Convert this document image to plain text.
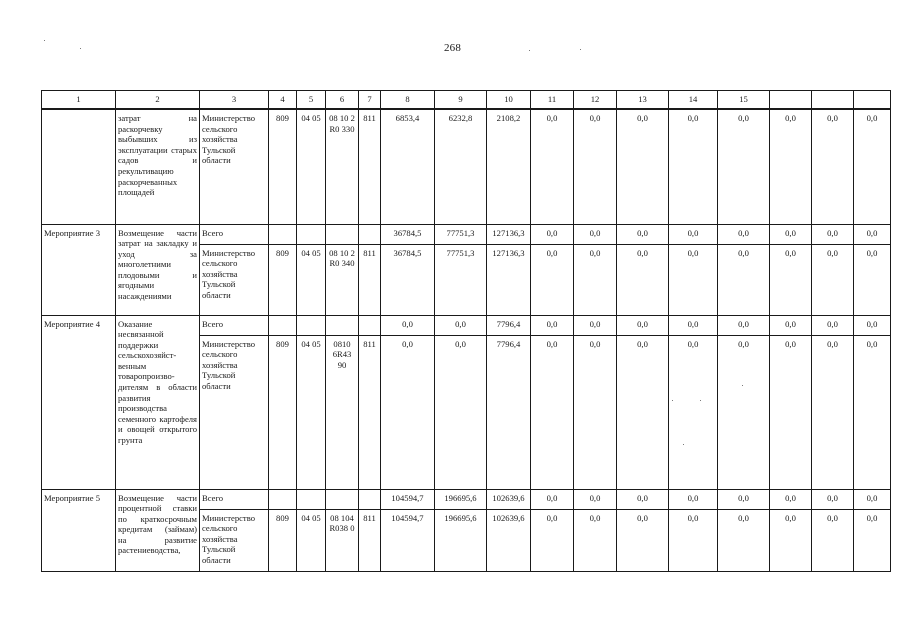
268
1	2	3	4	5	6	7	8	9	10	11	12	13	14	15			
	затрат на раскорчевку выбывших из эксплуатации старых садов и рекультивацию раскорчеванных площадей	Министерство сельского хозяйства Тульской области	809	04 05	08 10 2 R0 330	811	6853,4	6232,8	2108,2	0,0	0,0	0,0	0,0	0,0	0,0	0,0	0,0
Мероприятие 3	Возмещение части затрат на закладку и уход за многолетними плодовыми и ягодными насаждениями	Всего					36784,5	77751,3	127136,3	0,0	0,0	0,0	0,0	0,0	0,0	0,0	0,0
		Министерство сельского хозяйства Тульской области	809	04 05	08 10 2 R0 340	811	36784,5	77751,3	127136,3	0,0	0,0	0,0	0,0	0,0	0,0	0,0	0,0
Мероприятие 4	Оказание несвязанной поддержки сельскохозяйст-венным товаропроизво-дителям в области развития производства семенного картофеля и овощей открытого грунта	Всего					0,0	0,0	7796,4	0,0	0,0	0,0	0,0	0,0	0,0	0,0	0,0
		Министерство сельского хозяйства Тульской области	809	04 05	0810 6R43 90	811	0,0	0,0	7796,4	0,0	0,0	0,0	0,0	0,0	0,0	0,0	0,0
Мероприятие 5	Возмещение части процентной ставки по краткосрочным кредитам (займам) на развитие растениеводства,	Всего					104594,7	196695,6	102639,6	0,0	0,0	0,0	0,0	0,0	0,0	0,0	0,0
		Министерство сельского хозяйства Тульской области	809	04 05	08 104 R038 0	811	104594,7	196695,6	102639,6	0,0	0,0	0,0	0,0	0,0	0,0	0,0	0,0
